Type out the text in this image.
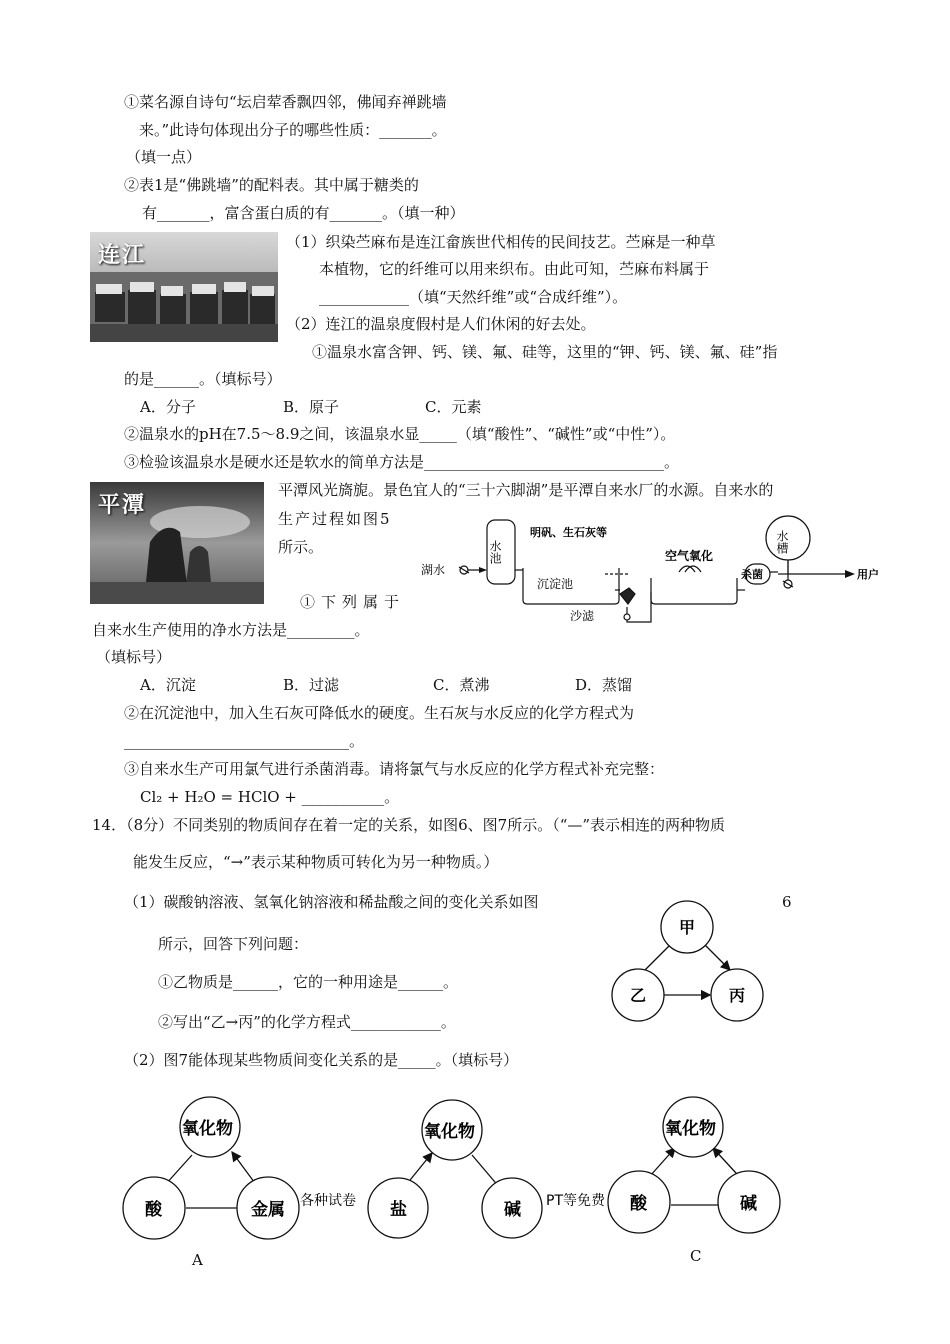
①菜名源自诗句“坛启荤香飘四邻，佛闻弃禅跳墙
来。”此诗句体现出分子的哪些性质：_______。
（填一点）
②表1是“佛跳墙”的配料表。其中属于糖类的
有_______，富含蛋白质的有_______。（填一种）
连江
（1）织染苎麻布是连江畲族世代相传的民间技艺。苎麻是一种草
本植物，它的纤维可以用来织布。由此可知，苎麻布料属于
____________（填“天然纤维”或“合成纤维”）。
（2）连江的温泉度假村是人们休闲的好去处。
①温泉水富含钾、钙、镁、氟、硅等，这里的“钾、钙、镁、氟、硅”指
的是______。（填标号）
A．分子	B．原子	C．元素
②温泉水的pH在7.5～8.9之间，该温泉水显_____（填“酸性”、“碱性”或“中性”）。
③检验该温泉水是硬水还是软水的简单方法是________________________________。
平潭
平潭风光旖旎。景色宜人的“三十六脚湖”是平潭自来水厂的水源。自来水的
生产过程如图5
所示。
①下列属于
湖水
水池
明矾、生石灰等
沉淀池
沙滤
空气氧化
杀菌
水槽
用户
自来水生产使用的净水方法是_________。
（填标号）
A．沉淀	B．过滤	C．煮沸	D．蒸馏
②在沉淀池中，加入生石灰可降低水的硬度。生石灰与水反应的化学方程式为
______________________________。
③自来水生产可用氯气进行杀菌消毒。请将氯气与水反应的化学方程式补充完整：
Cl₂ + H₂O = HClO + ___________。
14．（8分）不同类别的物质间存在着一定的关系，如图6、图7所示。（“—”表示相连的两种物质
能发生反应，“→”表示某种物质可转化为另一种物质。）
（1）碳酸钠溶液、氢氧化钠溶液和稀盐酸之间的变化关系如图	6
所示，回答下列问题：
①乙物质是______，它的一种用途是______。
②写出“乙→丙”的化学方程式____________。
（2）图7能体现某些物质间变化关系的是_____。（填标号）
甲
乙	丙
氧化物
酸	金属 各种试卷
氧化物
盐	碱 PT等免费
氧化物
酸	碱
A	C
